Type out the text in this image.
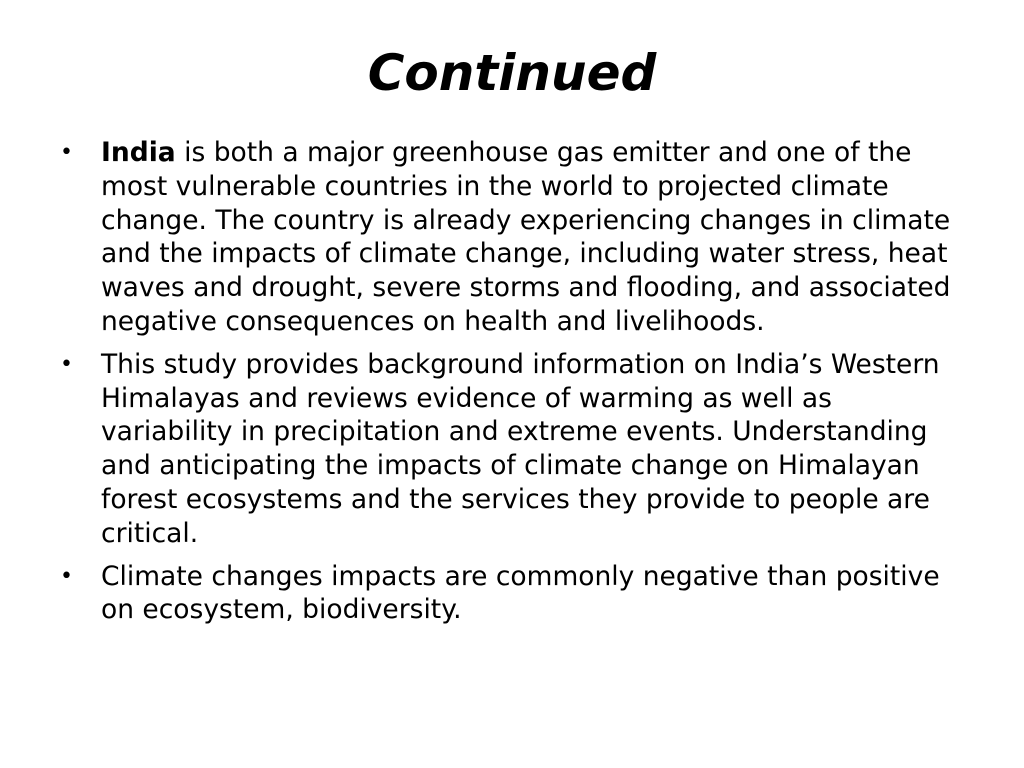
Continued
• India is both a major greenhouse gas emitter and one of the most vulnerable countries in the world to projected climate change. The country is already experiencing changes in climate and the impacts of climate change, including water stress, heat waves and drought, severe storms and flooding, and associated negative consequences on health and livelihoods.
• This study provides background information on India’s Western Himalayas and reviews evidence of warming as well as variability in precipitation and extreme events. Understanding and anticipating the impacts of climate change on Himalayan forest ecosystems and the services they provide to people are critical.
• Climate changes impacts are commonly negative than positive on ecosystem, biodiversity.
